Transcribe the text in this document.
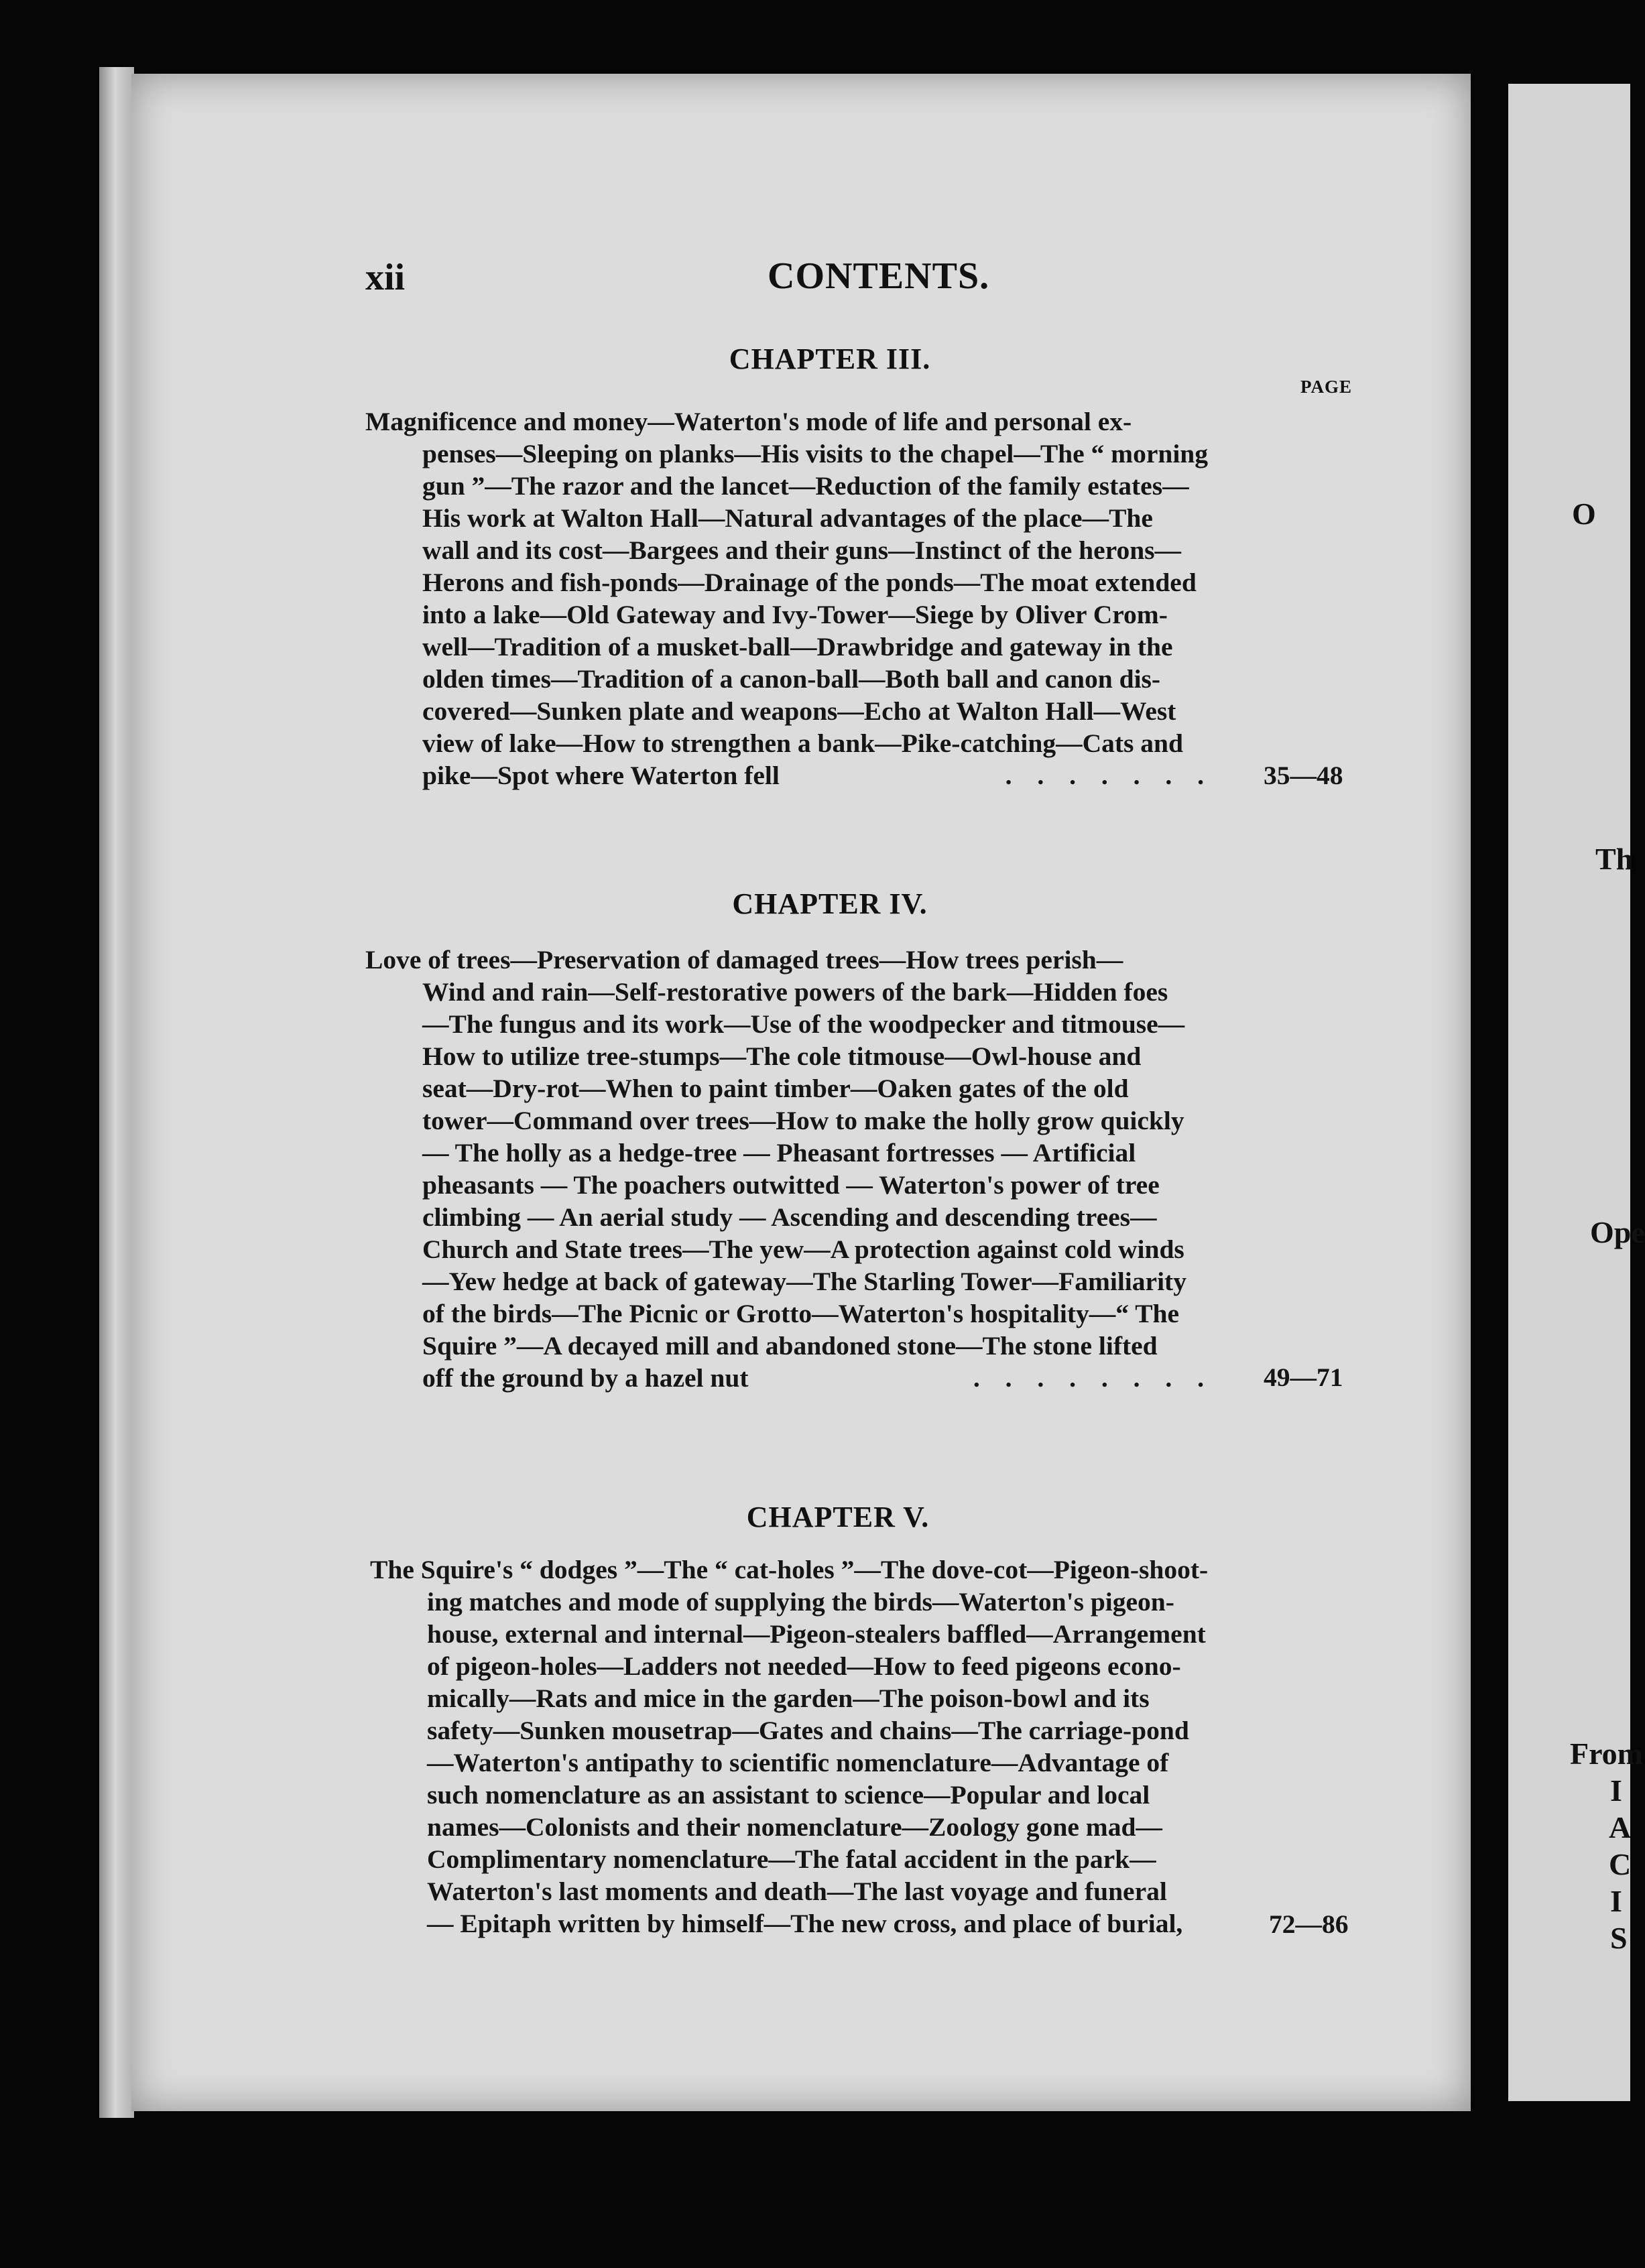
O
Th
Ope
From
I
A
C
I
S
xii	CONTENTS.
PAGE
CHAPTER III.
Magnificence and money—Waterton's mode of life and personal ex-
penses—Sleeping on planks—His visits to the chapel—The “ morning
gun ”—The razor and the lancet—Reduction of the family estates—
His work at Walton Hall—Natural advantages of the place—The
wall and its cost—Bargees and their guns—Instinct of the herons—
Herons and fish-ponds—Drainage of the ponds—The moat extended
into a lake—Old Gateway and Ivy-Tower—Siege by Oliver Crom-
well—Tradition of a musket-ball—Drawbridge and gateway in the
olden times—Tradition of a canon-ball—Both ball and canon dis-
covered—Sunken plate and weapons—Echo at Walton Hall—West
view of lake—How to strengthen a bank—Pike-catching—Cats and
pike—Spot where Waterton fell	. . . . . . . 35—48
CHAPTER IV.
Love of trees—Preservation of damaged trees—How trees perish—
Wind and rain—Self-restorative powers of the bark—Hidden foes
—The fungus and its work—Use of the woodpecker and titmouse—
How to utilize tree-stumps—The cole titmouse—Owl-house and
seat—Dry-rot—When to paint timber—Oaken gates of the old
tower—Command over trees—How to make the holly grow quickly
— The holly as a hedge-tree — Pheasant fortresses — Artificial
pheasants — The poachers outwitted — Waterton's power of tree
climbing — An aerial study — Ascending and descending trees—
Church and State trees—The yew—A protection against cold winds
—Yew hedge at back of gateway—The Starling Tower—Familiarity
of the birds—The Picnic or Grotto—Waterton's hospitality—“ The
Squire ”—A decayed mill and abandoned stone—The stone lifted
off the ground by a hazel nut	. . . . . . . . 49—71
CHAPTER V.
The Squire's “ dodges ”—The “ cat-holes ”—The dove-cot—Pigeon-shoot-
ing matches and mode of supplying the birds—Waterton's pigeon-
house, external and internal—Pigeon-stealers baffled—Arrangement
of pigeon-holes—Ladders not needed—How to feed pigeons econo-
mically—Rats and mice in the garden—The poison-bowl and its
safety—Sunken mousetrap—Gates and chains—The carriage-pond
—Waterton's antipathy to scientific nomenclature—Advantage of
such nomenclature as an assistant to science—Popular and local
names—Colonists and their nomenclature—Zoology gone mad—
Complimentary nomenclature—The fatal accident in the park—
Waterton's last moments and death—The last voyage and funeral
— Epitaph written by himself—The new cross, and place of burial,	72—86
